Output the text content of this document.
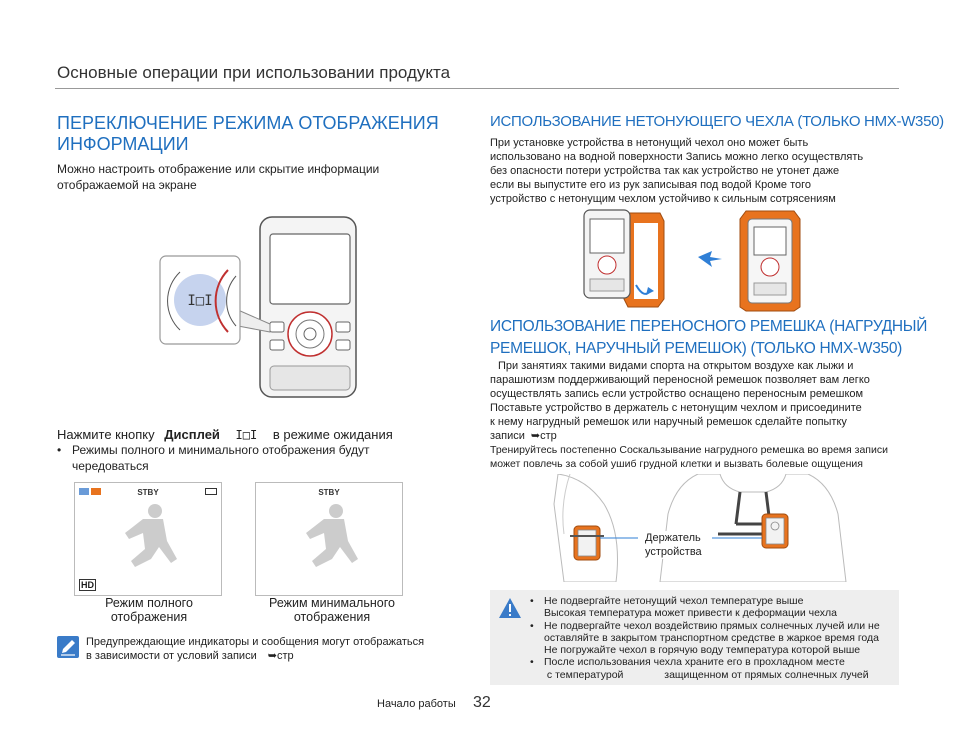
Основные операции при использовании продукта
ПЕРЕКЛЮЧЕНИЕ РЕЖИМА ОТОБРАЖЕНИЯ ИНФОРМАЦИИ
Можно настроить отображение или скрытие информации
отображаемой на экране
I□I
Нажмите кнопку Дисплей I□I в режиме ожидания
• Режимы полного и минимального отображения будут
чередоваться
STBY
HD
STBY
Режим полного
отображения
Режим минимального
отображения
Предупреждающие индикаторы и сообщения могут отображаться
в зависимости от условий записи ➥стр
ИСПОЛЬЗОВАНИЕ НЕТОНУЮЩЕГО ЧЕХЛА (ТОЛЬКО HMX-W350)
При установке устройства в нетонущий чехол оно может быть
использовано на водной поверхности Запись можно легко осуществлять
без опасности потери устройства так как устройство не утонет даже
если вы выпустите его из рук записывая под водой Кроме того
устройство с нетонущим чехлом устойчиво к сильным сотрясениям
ИСПОЛЬЗОВАНИЕ ПЕРЕНОСНОГО РЕМЕШКА (НАГРУДНЫЙ
РЕМЕШОК, НАРУЧНЫЙ РЕМЕШОК) (ТОЛЬКО HMX-W350)
При занятиях такими видами спорта на открытом воздухе как лыжи и
парашютизм поддерживающий переносной ремешок позволяет вам легко
осуществлять запись если устройство оснащено переносным ремешком
Поставьте устройство в держатель с нетонущим чехлом и присоедините
к нему нагрудный ремешок или наручный ремешок сделайте попытку
записи ➥стр
Тренируйтесь постепенно Соскальзывание нагрудного ремешка во время записи
может повлечь за собой ушиб грудной клетки и вызвать болевые ощущения
Держатель
устройства
• Не подвергайте нетонущий чехол температуре выше
Высокая температура может привести к деформации чехла
• Не подвергайте чехол воздействию прямых солнечных лучей или не
оставляйте в закрытом транспортном средстве в жаркое время года
Не погружайте чехол в горячую воду температура которой выше
• После использования чехла храните его в прохладном месте
с температурой              защищенном от прямых солнечных лучей
Начало работы 32
